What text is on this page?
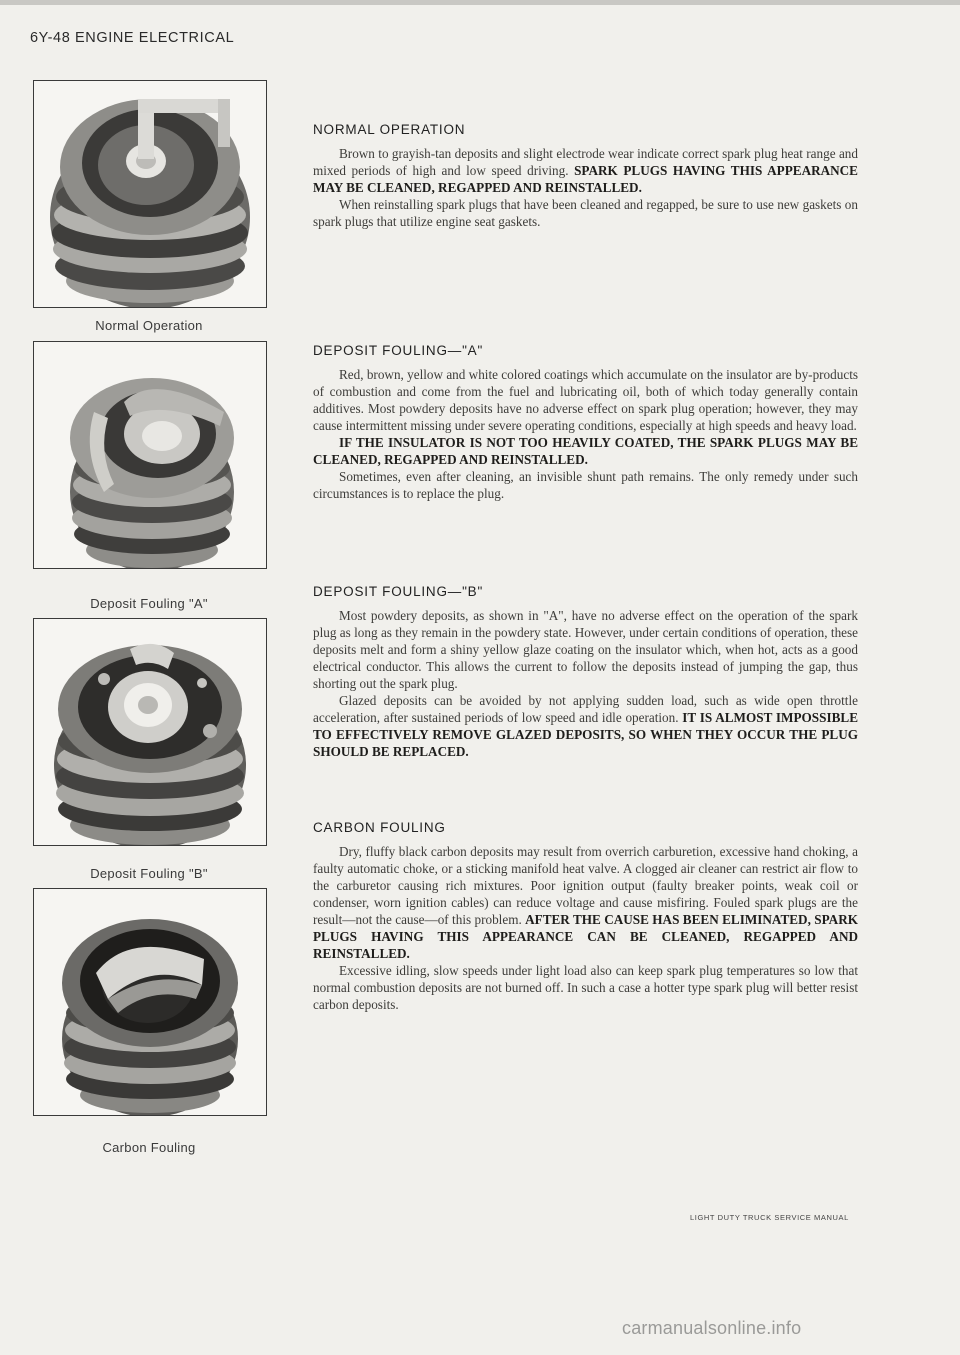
6Y-48 ENGINE ELECTRICAL
Normal Operation
Deposit Fouling "A"
Deposit Fouling "B"
Carbon Fouling
NORMAL OPERATION

Brown to grayish-tan deposits and slight electrode wear indicate correct spark plug heat range and mixed periods of high and low speed driving. SPARK PLUGS HAVING THIS APPEARANCE MAY BE CLEANED, REGAPPED AND REINSTALLED.

When reinstalling spark plugs that have been cleaned and regapped, be sure to use new gaskets on spark plugs that utilize engine seat gaskets.

DEPOSIT FOULING—"A"

Red, brown, yellow and white colored coatings which accumulate on the insulator are by-products of combustion and come from the fuel and lubricating oil, both of which today generally contain additives. Most powdery deposits have no adverse effect on spark plug operation; however, they may cause intermittent missing under severe operating conditions, especially at high speeds and heavy load.

IF THE INSULATOR IS NOT TOO HEAVILY COATED, THE SPARK PLUGS MAY BE CLEANED, REGAPPED AND REINSTALLED.

Sometimes, even after cleaning, an invisible shunt path remains. The only remedy under such circumstances is to replace the plug.

DEPOSIT FOULING—"B"

Most powdery deposits, as shown in "A", have no adverse effect on the operation of the spark plug as long as they remain in the powdery state. However, under certain conditions of operation, these deposits melt and form a shiny yellow glaze coating on the insulator which, when hot, acts as a good electrical conductor. This allows the current to follow the deposits instead of jumping the gap, thus shorting out the spark plug.

Glazed deposits can be avoided by not applying sudden load, such as wide open throttle acceleration, after sustained periods of low speed and idle operation. IT IS ALMOST IMPOSSIBLE TO EFFECTIVELY REMOVE GLAZED DEPOSITS, SO WHEN THEY OCCUR THE PLUG SHOULD BE REPLACED.

CARBON FOULING

Dry, fluffy black carbon deposits may result from overrich carburetion, excessive hand choking, a faulty automatic choke, or a sticking manifold heat valve. A clogged air cleaner can restrict air flow to the carburetor causing rich mixtures. Poor ignition output (faulty breaker points, weak coil or condenser, worn ignition cables) can reduce voltage and cause misfiring. Fouled spark plugs are the result—not the cause—of this problem. AFTER THE CAUSE HAS BEEN ELIMINATED, SPARK PLUGS HAVING THIS APPEARANCE CAN BE CLEANED, REGAPPED AND REINSTALLED.

Excessive idling, slow speeds under light load also can keep spark plug temperatures so low that normal combustion deposits are not burned off. In such a case a hotter type spark plug will better resist carbon deposits.

LIGHT DUTY TRUCK SERVICE MANUAL
carmanualsonline.info
